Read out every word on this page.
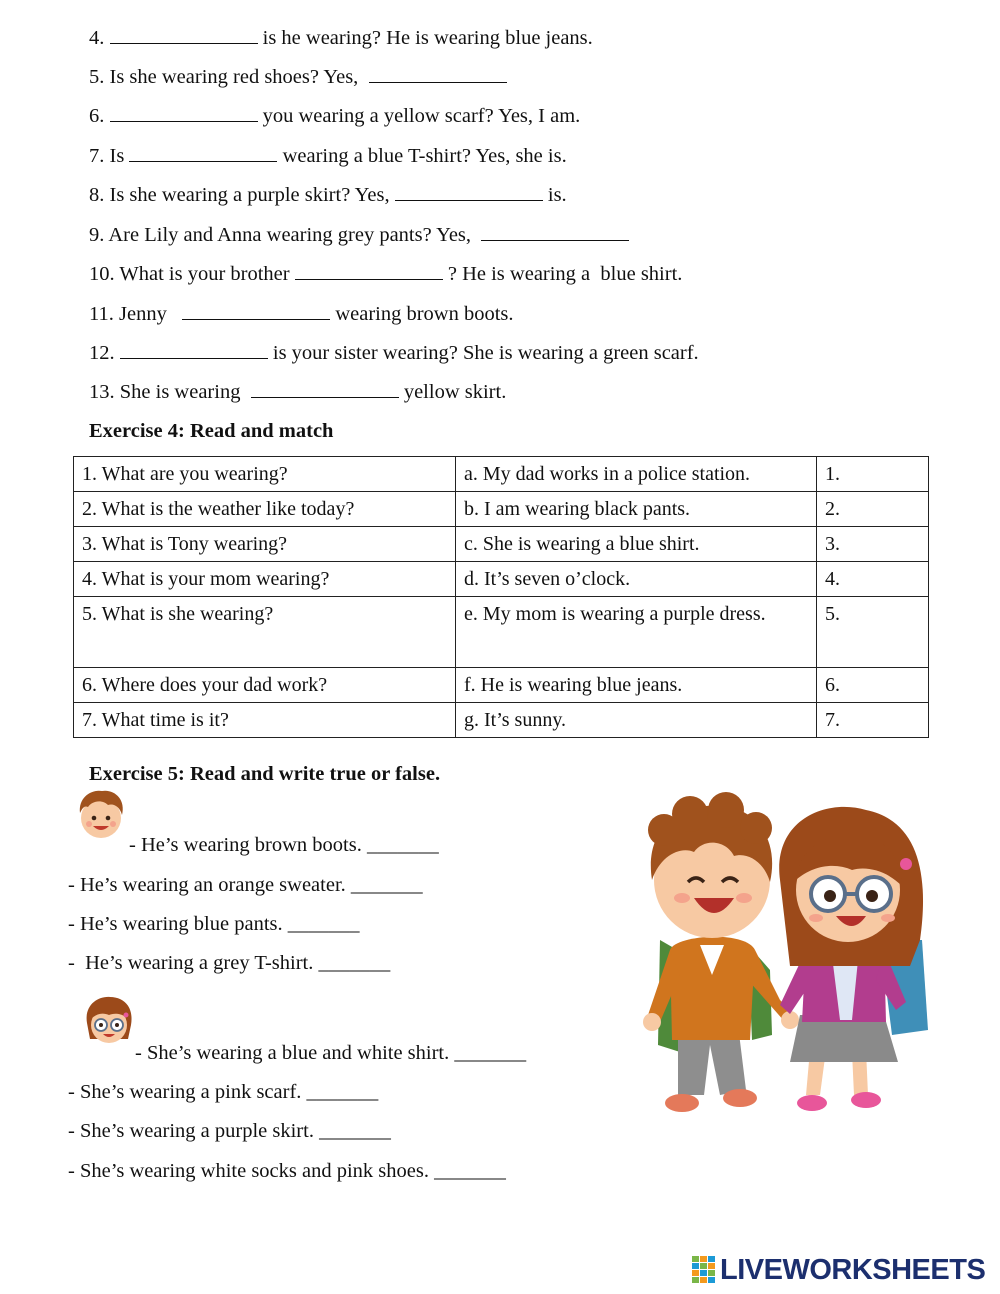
4.	is he wearing? He is wearing blue jeans.
5. Is she wearing red shoes? Yes,
6.	you wearing a yellow scarf? Yes, I am.
7. Is	wearing a blue T-shirt? Yes, she is.
8. Is she wearing a purple skirt? Yes,	is.
9. Are Lily and Anna wearing grey pants? Yes,
10. What is your brother	? He is wearing a  blue shirt.
11. Jenny	wearing brown boots.
12.	is your sister wearing? She is wearing a green scarf.
13. She is wearing	yellow skirt.
Exercise 4: Read and match
1. What are you wearing?	a. My dad works in a police station.	1.
2. What is the weather like today?	b. I am wearing black pants.	2.
3. What is Tony wearing?	c. She is wearing a blue shirt.	3.
4. What is your mom wearing?	d. It’s seven o’clock.	4.
5. What is she wearing?	e. My mom is wearing a purple dress.	5.
6. Where does your dad work?	f. He is wearing blue jeans.	6.
7. What time is it?	g. It’s sunny.	7.
Exercise 5: Read and write true or false.
- He’s wearing brown boots. _______
- He’s wearing an orange sweater. _______
- He’s wearing blue pants. _______
-  He’s wearing a grey T-shirt. _______
- She’s wearing a blue and white shirt. _______
- She’s wearing a pink scarf. _______
- She’s wearing a purple skirt. _______
- She’s wearing white socks and pink shoes. _______
LIVEWORKSHEETS
